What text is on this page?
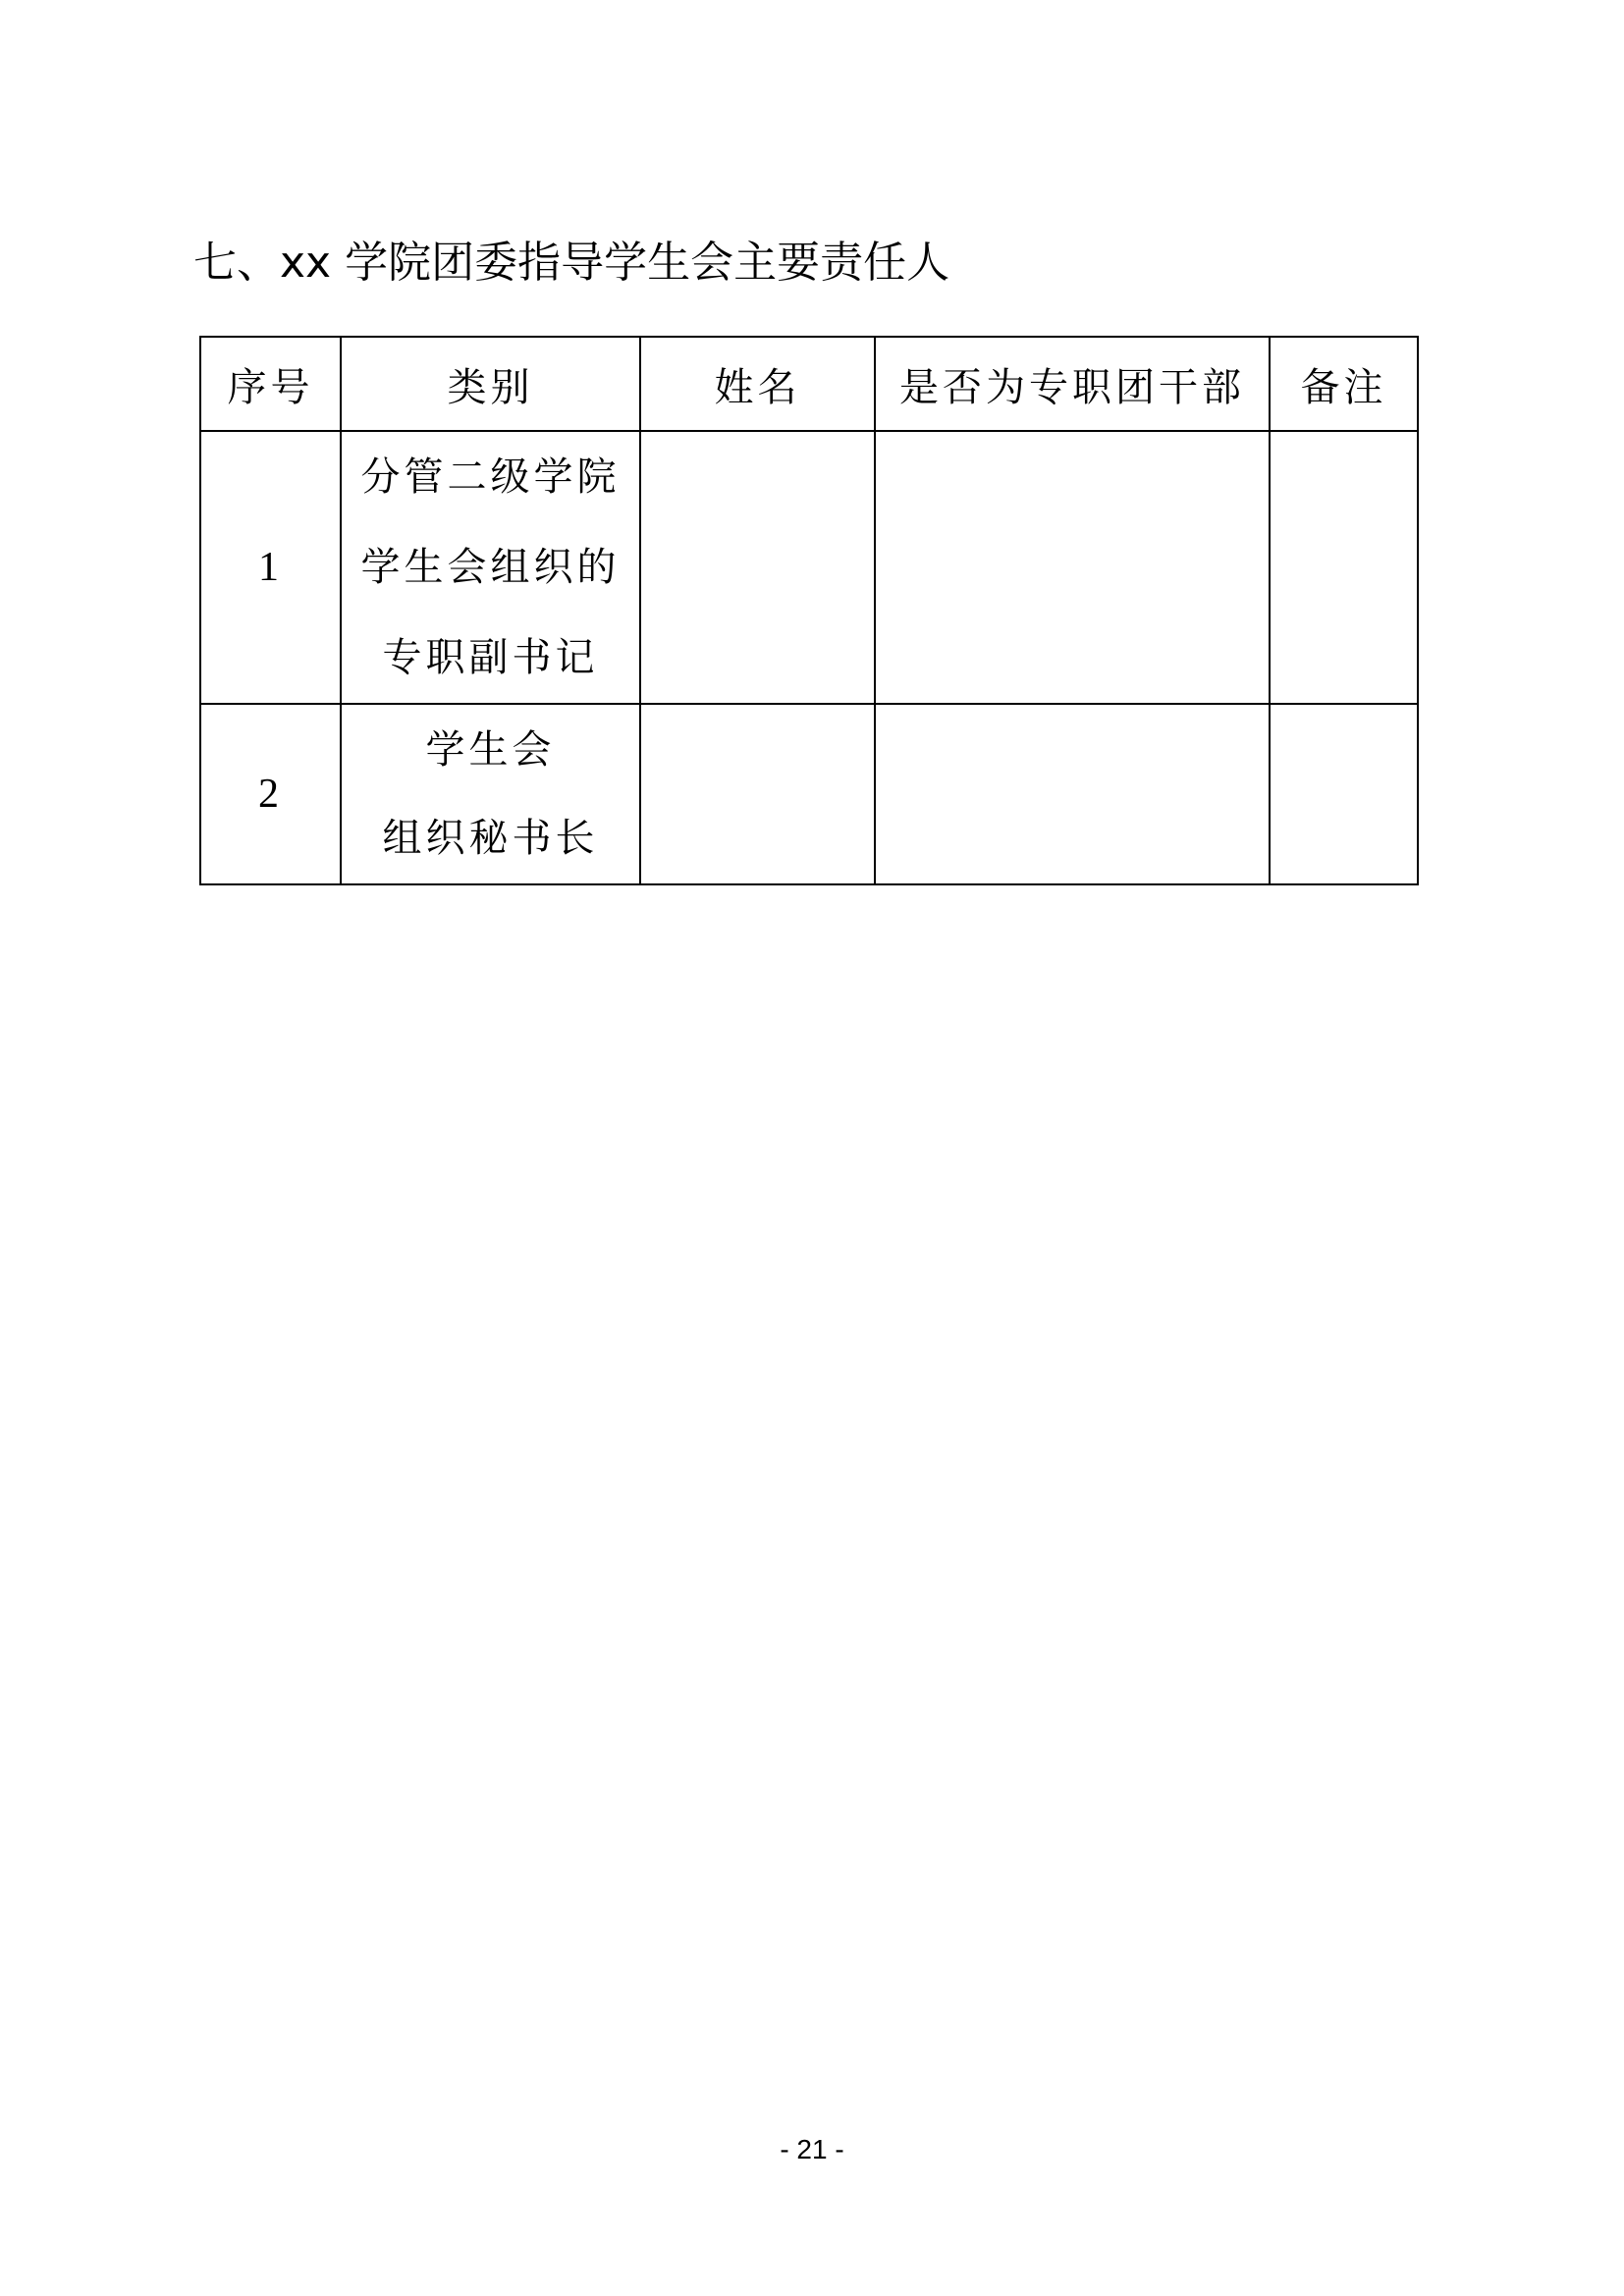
七、xx 学院团委指导学生会主要责任人
序号	类别	姓名	是否为专职团干部	备注
1	分管二级学院
学生会组织的
专职副书记			

2	学生会
组织秘书长			

- 21 -
